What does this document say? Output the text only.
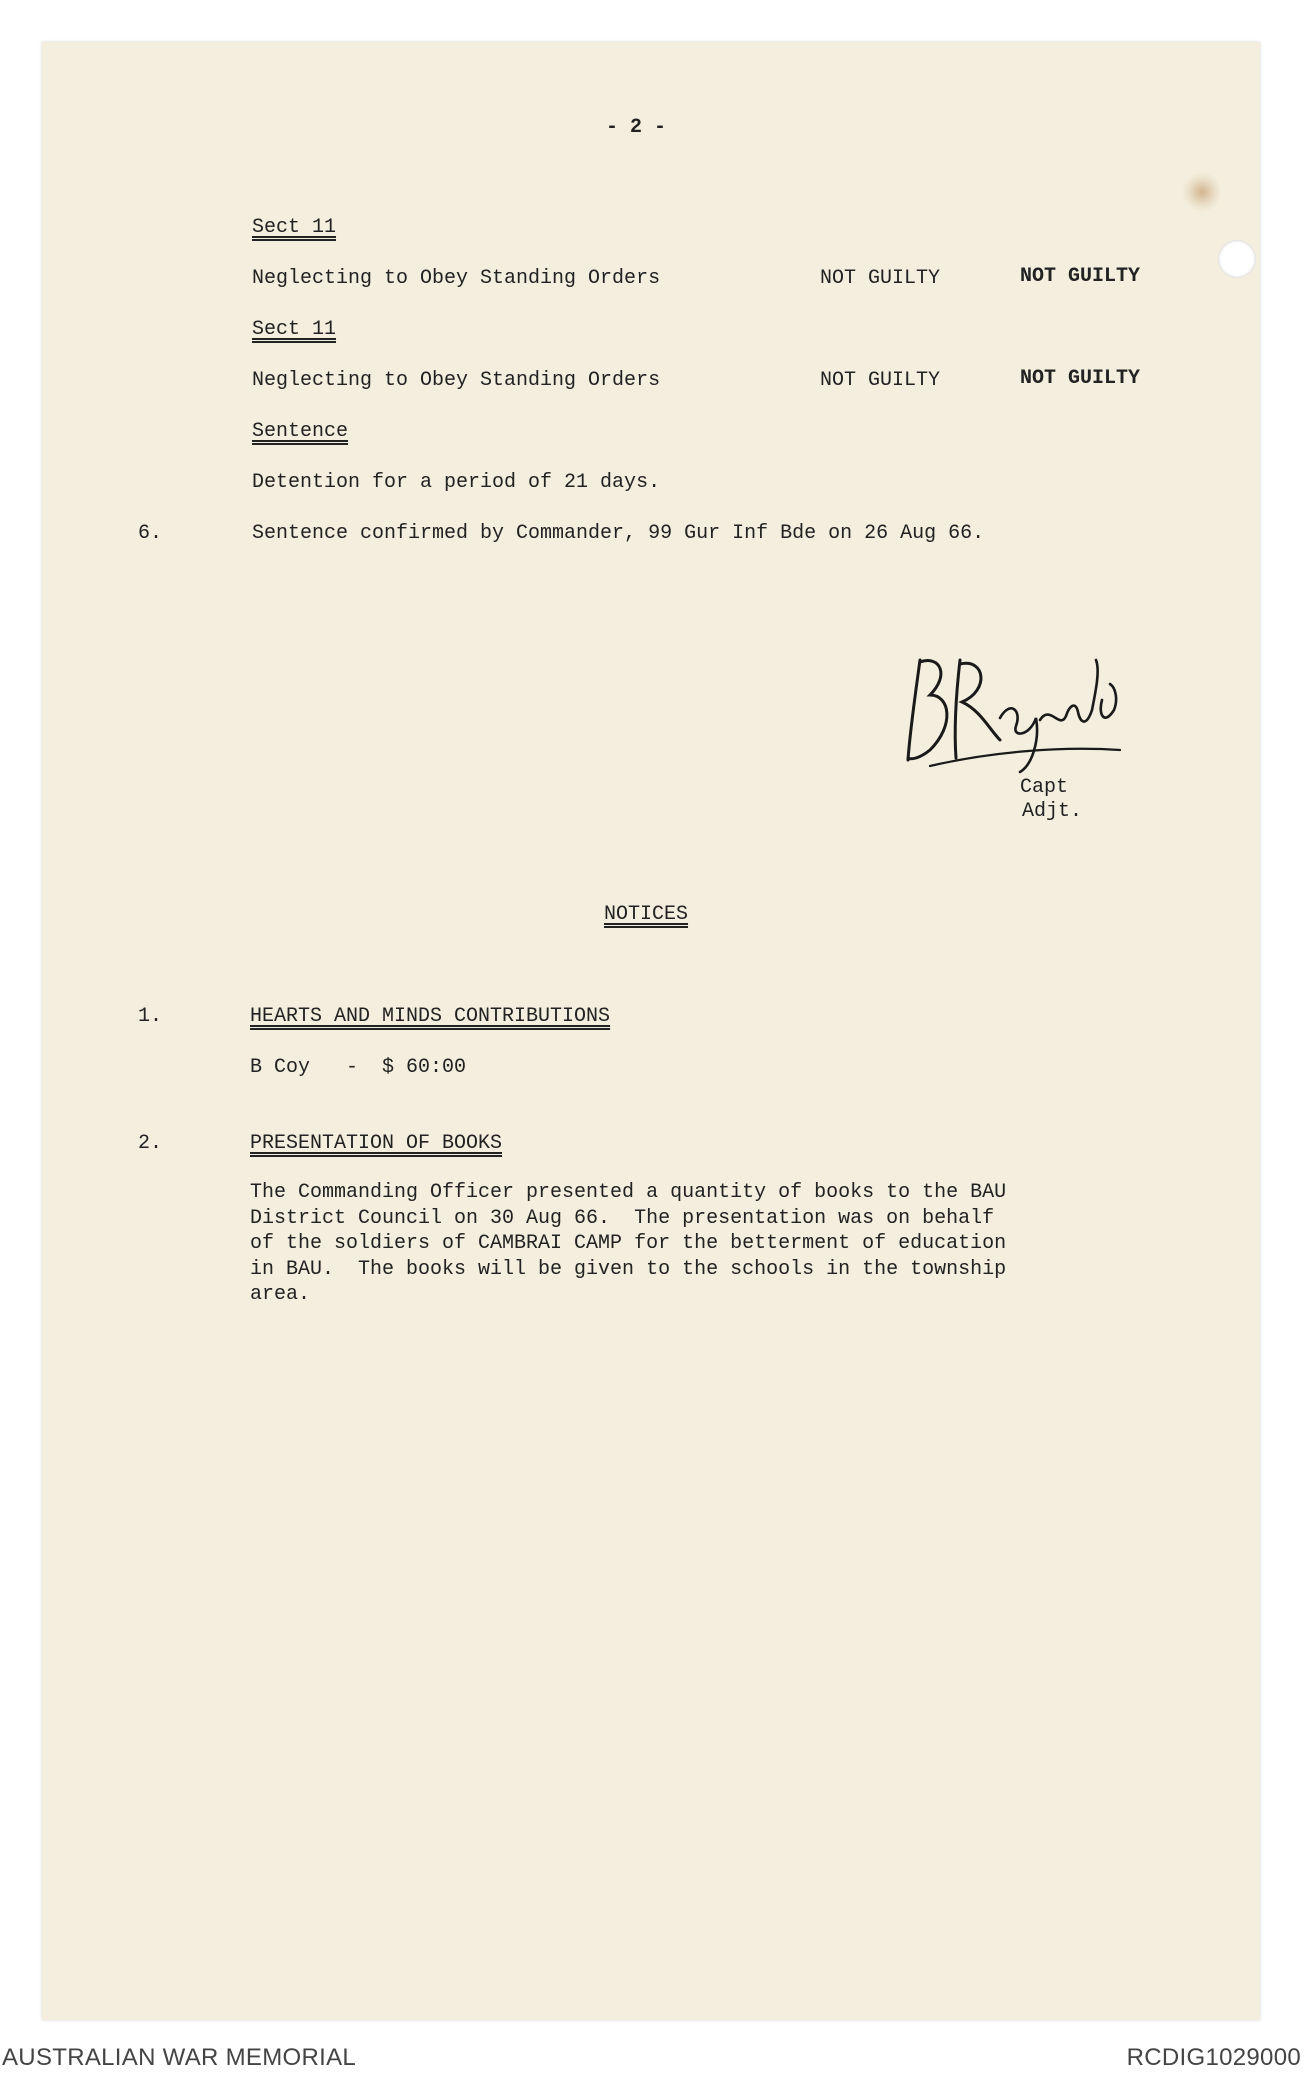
- 2 -
Sect 11
Neglecting to Obey Standing Orders	NOT GUILTY	NOT GUILTY
Sect 11
Neglecting to Obey Standing Orders	NOT GUILTY	NOT GUILTY
Sentence
Detention for a period of 21 days.
6.	Sentence confirmed by Commander, 99 Gur Inf Bde on 26 Aug 66.
Capt
Adjt.
NOTICES
1.	HEARTS AND MINDS CONTRIBUTIONS
B Coy   -  $ 60:00
2.	PRESENTATION OF BOOKS
The Commanding Officer presented a quantity of books to the BAU
District Council on 30 Aug 66.  The presentation was on behalf
of the soldiers of CAMBRAI CAMP for the betterment of education
in BAU.  The books will be given to the schools in the township
area.
AUSTRALIAN WAR MEMORIAL	RCDIG1029000
